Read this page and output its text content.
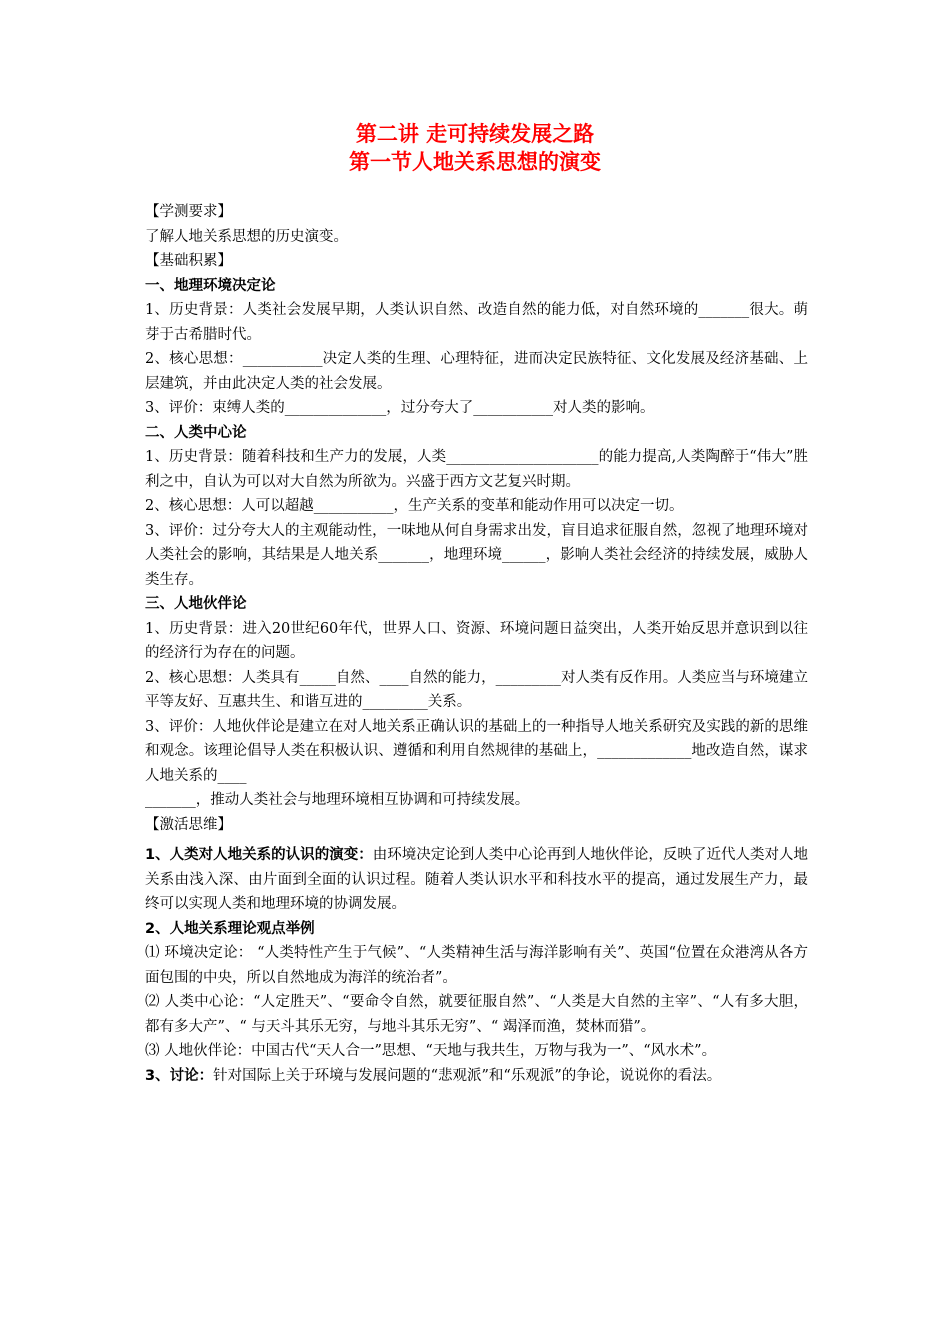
第二讲 走可持续发展之路
第一节人地关系思想的演变

【学测要求】

了解人地关系思想的历史演变。

【基础积累】

一、地理环境决定论

1、历史背景：人类社会发展早期，人类认识自然、改造自然的能力低，对自然环境的_______很大。萌芽于古希腊时代。

2、核心思想：___________决定人类的生理、心理特征，进而决定民族特征、文化发展及经济基础、上层建筑，并由此决定人类的社会发展。

3、评价：束缚人类的______________，过分夸大了___________对人类的影响。

二、人类中心论

1、历史背景：随着科技和生产力的发展，人类_____________________的能力提高,人类陶醉于“伟大”胜利之中，自认为可以对大自然为所欲为。兴盛于西方文艺复兴时期。

2、核心思想：人可以超越___________，生产关系的变革和能动作用可以决定一切。

3、评价：过分夸大人的主观能动性，一味地从何自身需求出发，盲目追求征服自然，忽视了地理环境对人类社会的影响，其结果是人地关系_______，地理环境______，影响人类社会经济的持续发展，威胁人类生存。

三、人地伙伴论

1、历史背景：进入20世纪60年代，世界人口、资源、环境问题日益突出，人类开始反思并意识到以往的经济行为存在的问题。

2、核心思想：人类具有_____自然、____自然的能力，_________对人类有反作用。人类应当与环境建立平等友好、互惠共生、和谐互进的_________关系。

3、评价：人地伙伴论是建立在对人地关系正确认识的基础上的一种指导人地关系研究及实践的新的思维和观念。该理论倡导人类在积极认识、遵循和利用自然规律的基础上，_____________地改造自然，谋求人地关系的____

_______，推动人类社会与地理环境相互协调和可持续发展。

【激活思维】

1、人类对人地关系的认识的演变：由环境决定论到人类中心论再到人地伙伴论，反映了近代人类对人地关系由浅入深、由片面到全面的认识过程。随着人类认识水平和科技水平的提高，通过发展生产力，最终可以实现人类和地理环境的协调发展。

2、人地关系理论观点举例

⑴ 环境决定论： “人类特性产生于气候”、“人类精神生活与海洋影响有关”、英国“位置在众港湾从各方面包围的中央，所以自然地成为海洋的统治者”。

⑵ 人类中心论：“人定胜天”、“要命令自然，就要征服自然”、“人类是大自然的主宰”、“人有多大胆，都有多大产”、“ 与天斗其乐无穷，与地斗其乐无穷”、“ 竭泽而渔，焚林而猎”。

⑶ 人地伙伴论：中国古代“天人合一”思想、“天地与我共生，万物与我为一”、“风水术”。

3、讨论：针对国际上关于环境与发展问题的“悲观派”和“乐观派”的争论，说说你的看法。
